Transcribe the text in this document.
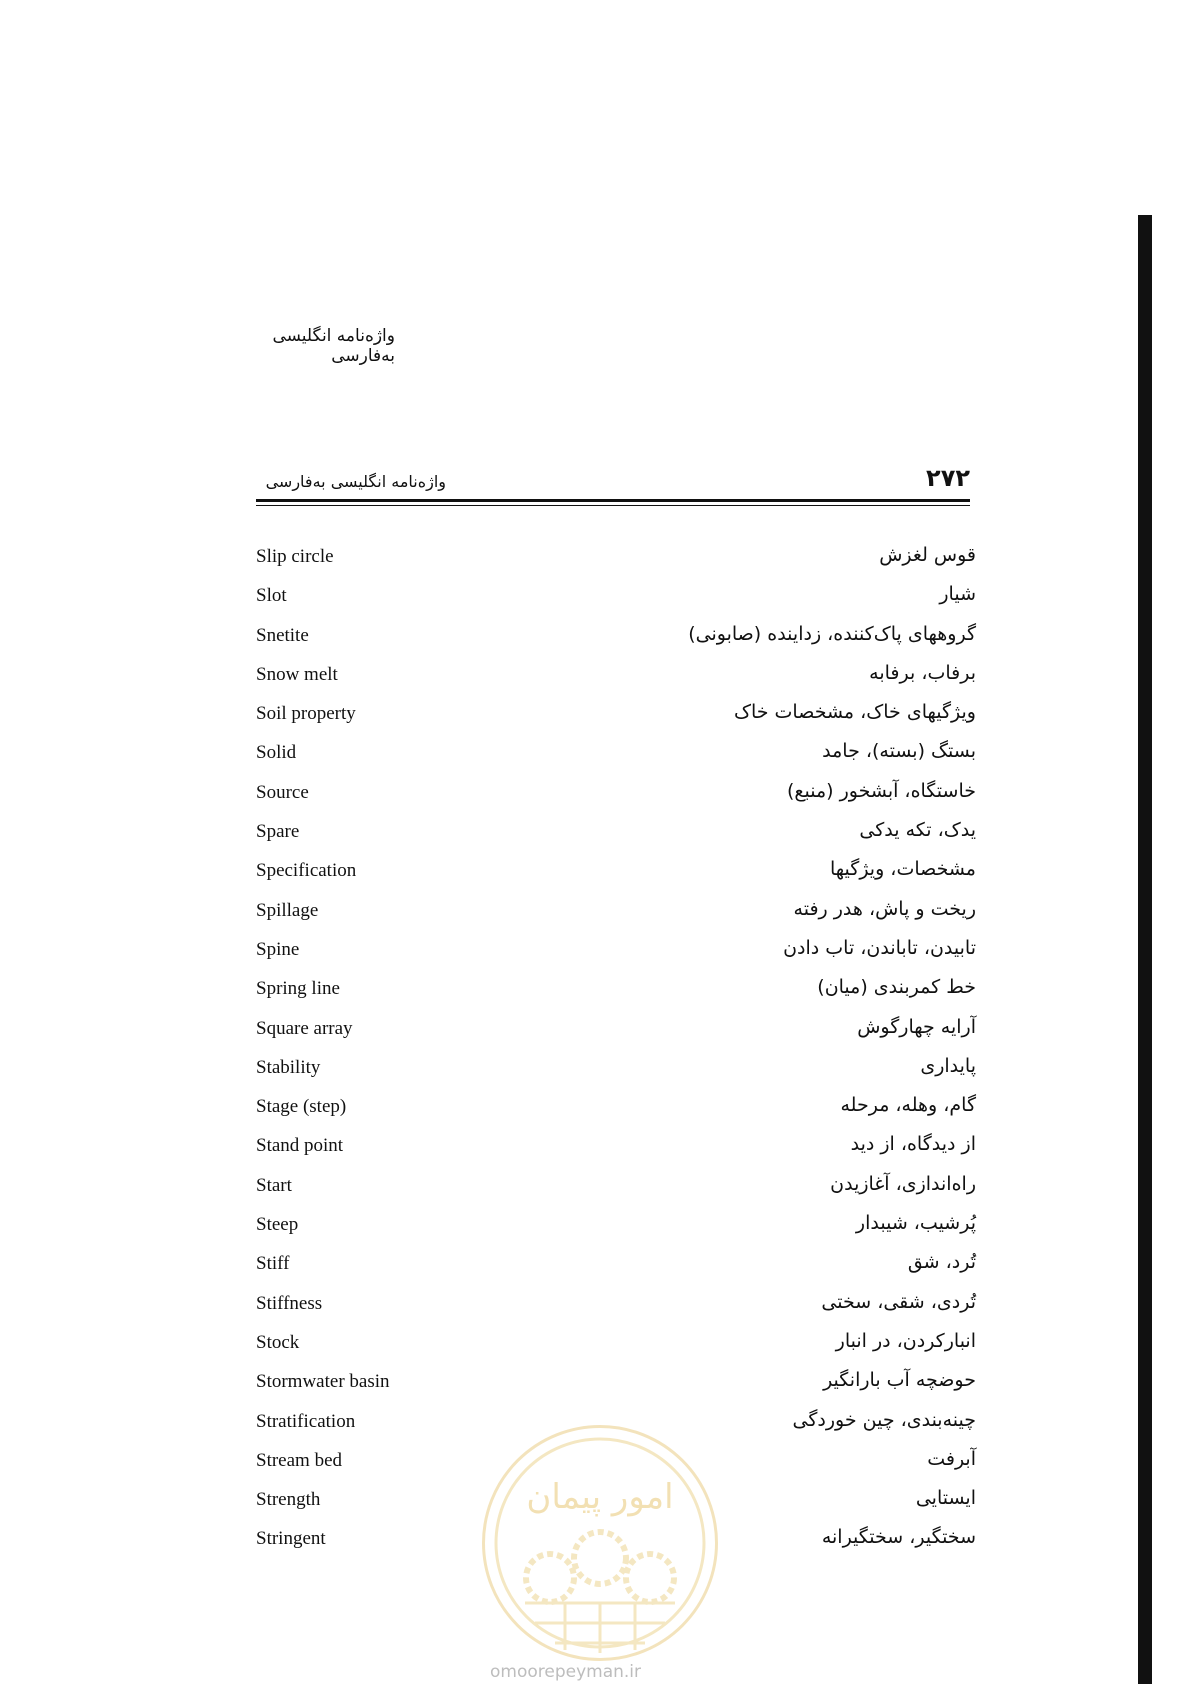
واژه‌نامه انگلیسی به‌فارسی
واژه‌نامه انگلیسی به‌فارسی	۲۷۲
Slip circle	قوس لغزش
Slot	شیار
Snetite	گروههای پاک‌کننده، زداینده (صابونی)
Snow melt	برفاب، برفابه
Soil property	ویژگیهای خاک، مشخصات خاک
Solid	بستگ (بسته)، جامد
Source	خاستگاه، آبشخور (منبع)
Spare	یدک، تکه یدکی
Specification	مشخصات، ویژگیها
Spillage	ریخت و پاش، هدر رفته
Spine	تابیدن، تاباندن، تاب دادن
Spring line	خط کمربندی (میان)
Square array	آرایه چهارگوش
Stability	پایداری
Stage (step)	گام، وهله، مرحله
Stand point	از دیدگاه، از دید
Start	راه‌اندازی، آغازیدن
Steep	پُرشیب، شیبدار
Stiff	تُرد، شق
Stiffness	تُردی، شقی، سختی
Stock	انبارکردن، در انبار
Stormwater basin	حوضچه آب بارانگیر
Stratification	چینه‌بندی، چین خوردگی
Stream bed	آبرفت
Strength	ایستایی
Stringent	سختگیر، سختگیرانه
امور پیمان
omoorepeyman.ir
